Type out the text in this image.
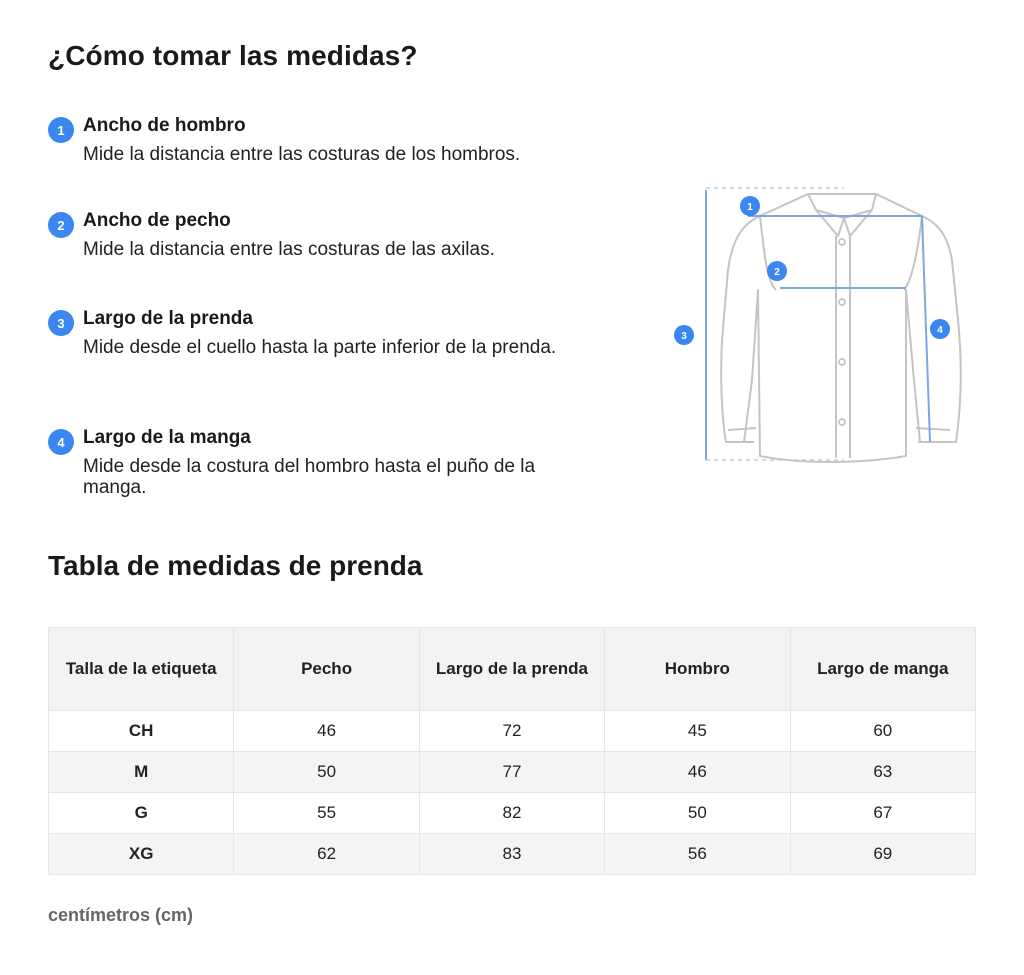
¿Cómo tomar las medidas?
1 Ancho de hombro
Mide la distancia entre las costuras de los hombros.
2 Ancho de pecho
Mide la distancia entre las costuras de las axilas.
3 Largo de la prenda
Mide desde el cuello hasta la parte inferior de la prenda.
4 Largo de la manga
Mide desde la costura del hombro hasta el puño de la manga.
1
2
3
4
Tabla de medidas de prenda
Talla de la etiqueta	Pecho	Largo de la prenda	Hombro	Largo de manga
CH	46	72	45	60
M	50	77	46	63
G	55	82	50	67
XG	62	83	56	69
centímetros (cm)
